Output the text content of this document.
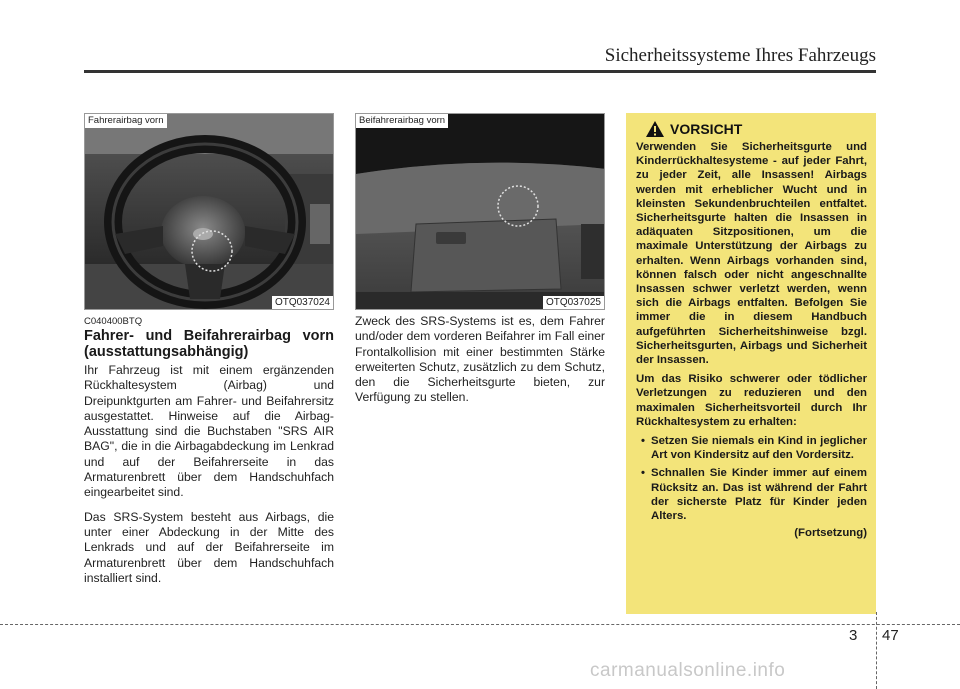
Sicherheitssysteme Ihres Fahrzeugs
Fahrerairbag vorn
OTQ037024
Beifahrerairbag vorn
OTQ037025
C040400BTQ
Fahrer- und Beifahrerairbag vorn (ausstattungsabhängig)

Ihr Fahrzeug ist mit einem ergänzenden Rückhaltesystem (Airbag) und Dreipunktgurten am Fahrer- und Beifahrersitz ausgestattet. Hinweise auf die Airbag-Ausstattung sind die Buchstaben "SRS AIR BAG", die in die Airbagabdeckung im Lenkrad und auf der Beifahrerseite in das Armaturenbrett über dem Handschuhfach eingearbeitet sind.

Das SRS-System besteht aus Airbags, die unter einer Abdeckung in der Mitte des Lenkrads und auf der Beifahrerseite im Armaturenbrett über dem Handschuhfach installiert sind.

Zweck des SRS-Systems ist es, dem Fahrer und/oder dem vorderen Beifahrer im Fall einer Frontalkollision mit einer bestimmten Stärke erweiterten Schutz, zusätzlich zu dem Schutz, den die Sicherheitsgurte bieten, zur Verfügung zu stellen.

VORSICHT
Verwenden Sie Sicherheitsgurte und Kinderrückhaltesysteme - auf jeder Fahrt, zu jeder Zeit, alle Insassen! Airbags werden mit erheblicher Wucht und in kleinsten Sekundenbruchteilen entfaltet. Sicherheitsgurte halten die Insassen in adäquaten Sitzpositionen, um die maximale Unterstützung der Airbags zu erhalten. Wenn Airbags vorhanden sind, können falsch oder nicht angeschnallte Insassen schwer verletzt werden, wenn sich die Airbags entfalten. Befolgen Sie immer die in diesem Handbuch aufgeführten Sicherheitshinweise bzgl. Sicherheitsgurten, Airbags und Sicherheit der Insassen.
Um das Risiko schwerer oder tödlicher Verletzungen zu reduzieren und den maximalen Sicherheitsvorteil durch Ihr Rückhaltesystem zu erhalten:
• Setzen Sie niemals ein Kind in jeglicher Art von Kindersitz auf den Vordersitz.
• Schnallen Sie Kinder immer auf einem Rücksitz an. Das ist während der Fahrt der sicherste Platz für Kinder jeden Alters.
(Fortsetzung)
3 47
carmanualsonline.info
